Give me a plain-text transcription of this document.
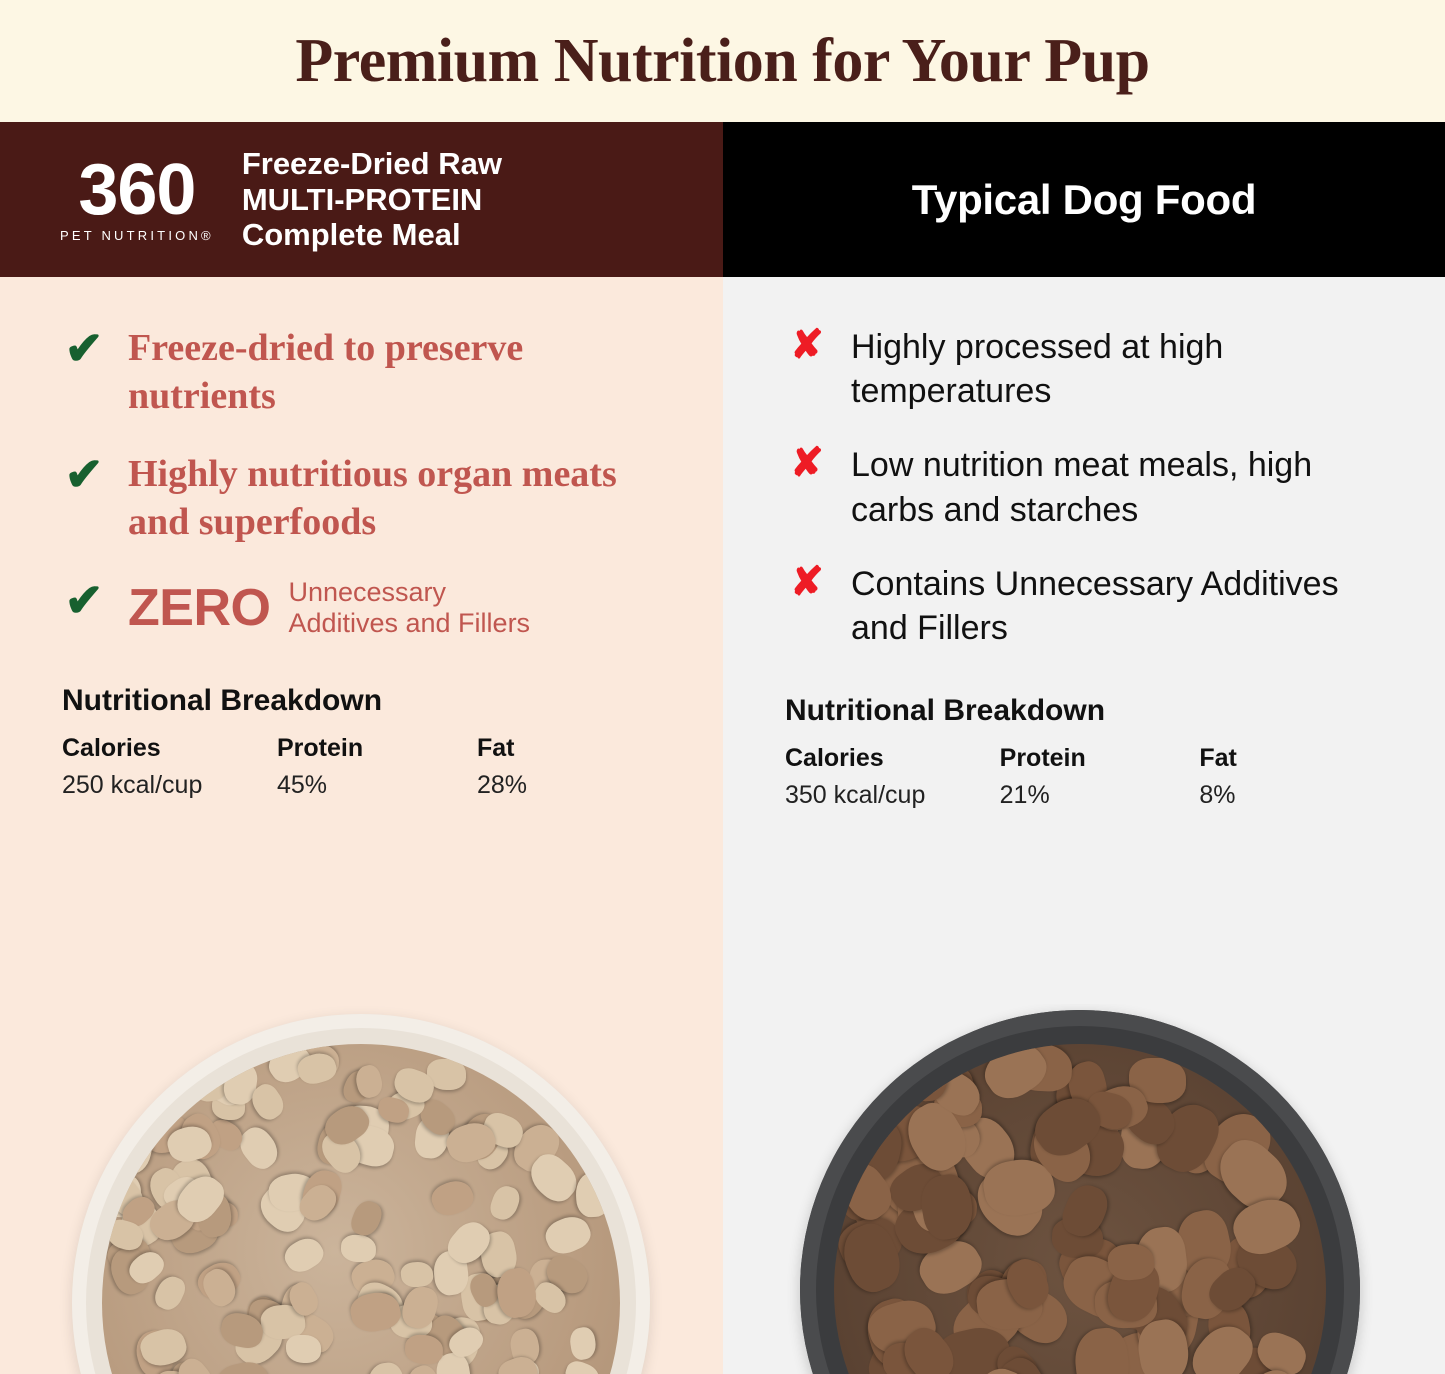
Premium Nutrition for Your Pup
360
PET NUTRITION®
Freeze-Dried Raw
MULTI-PROTEIN
Complete Meal
Typical Dog Food
✔ Freeze-dried to preserve nutrients
✔ Highly nutritious organ meats and superfoods
✔ ZERO Unnecessary
Additives and Fillers
Nutritional Breakdown
Calories
250 kcal/cup
Protein
45%
Fat
28%
✘ Highly processed at high temperatures
✘ Low nutrition meat meals, high carbs and starches
✘ Contains Unnecessary Additives and Fillers
Nutritional Breakdown
Calories
350 kcal/cup
Protein
21%
Fat
8%
